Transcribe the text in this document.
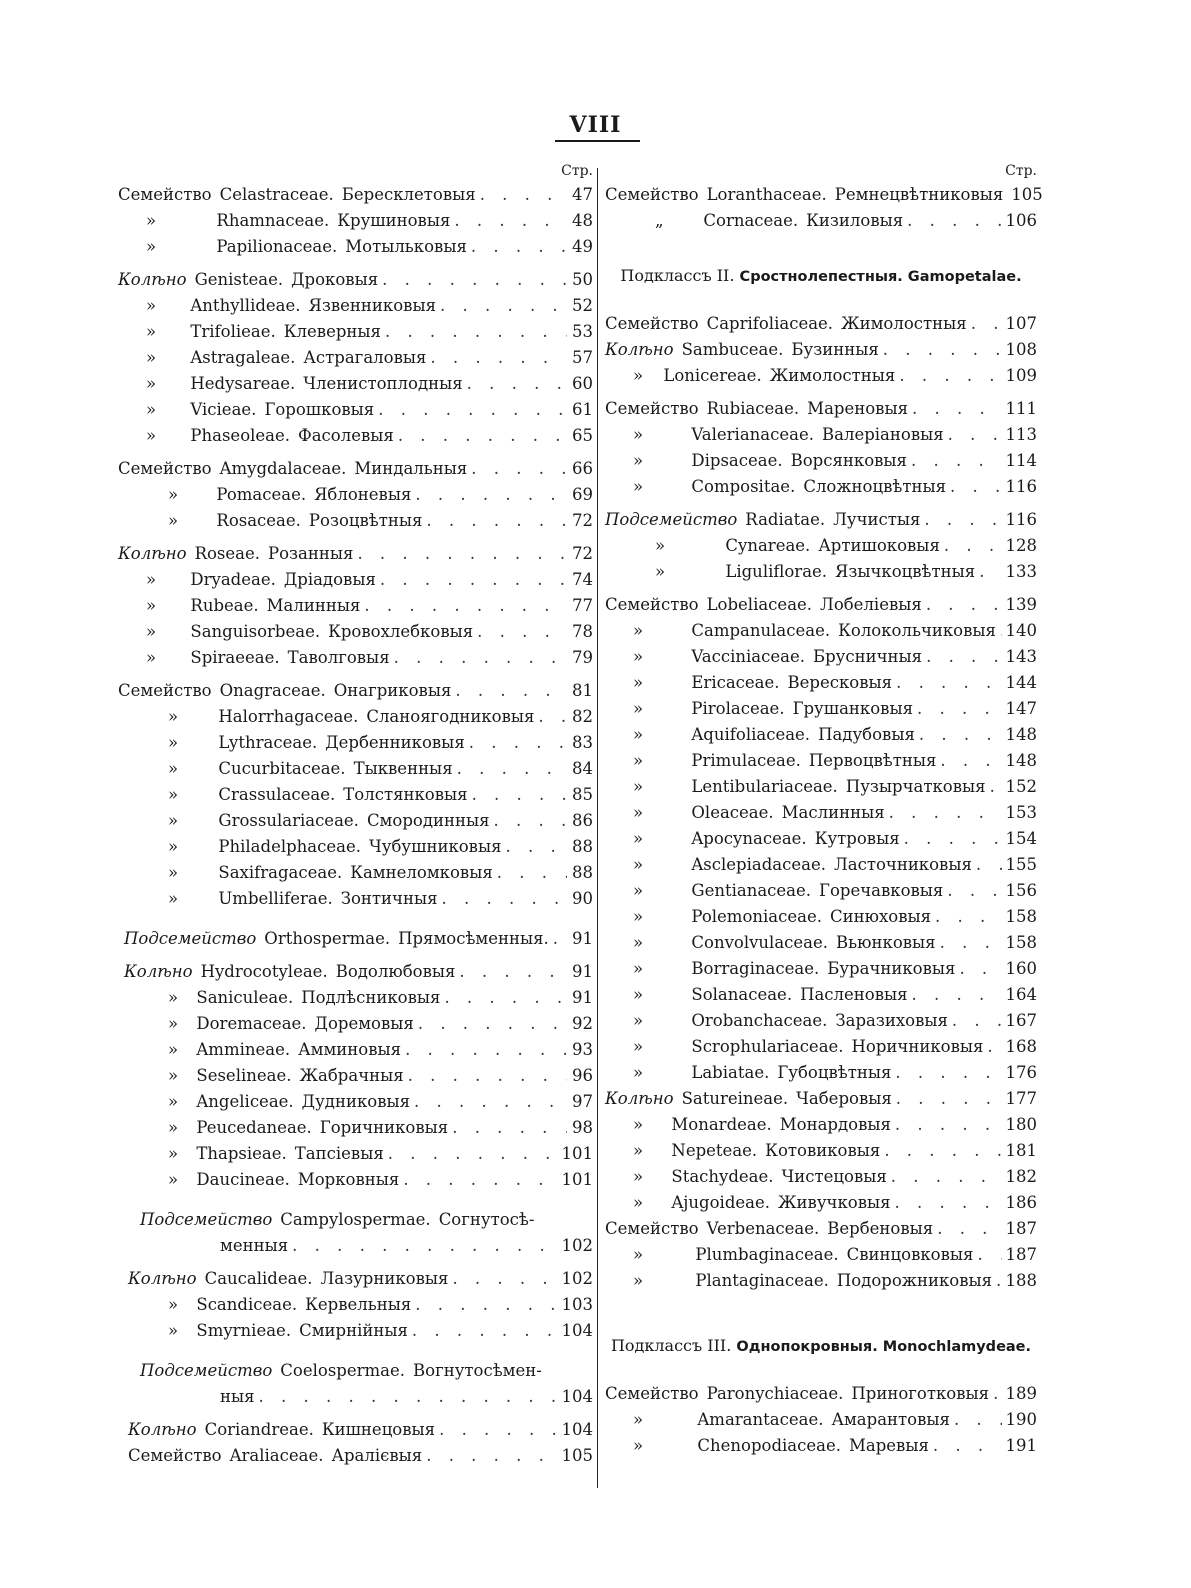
VIII
Стр.
Семейство Celastraceae. Бересклетовыя . . .	47
»	Rhamnaceae. Крушиновыя . . .	48
»	Papilionaceae. Мотыльковыя . . .	49
Колѣно Genisteae. Дроковыя . . .	50
»	Anthyllideae. Язвенниковыя . . .	52
»	Trifolieae. Клеверныя . . .	53
»	Astragaleae. Астрагаловыя . . .	57
»	Hedysareae. Членистоплодныя . . .	60
»	Vicieae. Горошковыя . . .	61
»	Phaseoleae. Фасолевыя . . .	65
Семейство Amygdalaceae. Миндальныя . . .	66
»	Pomaceae. Яблоневыя . . .	69
»	Rosaceae. Розоцвѣтныя . . .	72
Колѣно Roseae. Розанныя . . .	72
»	Dryadeae. Дріадовыя . . .	74
»	Rubeae. Малинныя . . .	77
»	Sanguisorbeae. Кровохлебковыя . . .	78
»	Spiraeeae. Таволговыя . . .	79
Семейство Onagraceae. Онагриковыя . . .	81
»	Halorrhagaceae. Сланоягодниковыя . . . 82
»	Lythraceae. Дербенниковыя . . .	83
»	Cucurbitaceae. Тыквенныя . . .	84
»	Crassulaceae. Толстянковыя . . .	85
»	Grossulariaceae. Смородинныя . . .	86
»	Philadelphaceae. Чубушниковыя . . .	88
»	Saxifragaceae. Камнеломковыя . . .	88
»	Umbelliferae. Зонтичныя . . .	90
Подсемейство Orthospermae. Прямосѣменныя. . . . 91
Колѣно Hydrocotyleae. Водолюбовыя . . .	91
»	Saniculeae. Подлѣсниковыя . . .	91
»	Doremaceae. Доремовыя . . .	92
»	Ammineae. Амминовыя . . .	93
»	Seselineae. Жабрачныя . . .	96
»	Angeliceae. Дудниковыя . . .	97
»	Peucedaneae. Горичниковыя . . .	98
»	Thapsieae. Тапсіевыя . . .	101
»	Daucineae. Морковныя . . .	101
Подсемейство Campylospermae. Согнутосѣ-
менныя . . .	102
Колѣно Caucalideae. Лазурниковыя . . .	102
»	Scandiceae. Кервельныя . . .	103
»	Smyrnieae. Смирнійныя . . .	104
Подсемейство Coelospermae. Вогнутосѣмен-
ныя . . .	104
Колѣно Coriandreae. Кишнецовыя . . .	104
Семейство Araliaceae. Аралієвыя . . .	105
Стр.
Семейство Loranthaceae. Ремнецвѣтниковыя 105
„	Cornaceae. Кизиловыя . . .	106
Подклассъ II. Сростнолепестныя. Gamopetalae.
Семейство Caprifoliaceae. Жимолостныя . . . 107
Колѣно Sambuceae. Бузинныя . . .	108
»	Lonicereae. Жимолостныя . . .	109
Семейство Rubiaceae. Мареновыя . . .	111
»	Valerianaceae. Валеріановыя . . .	113
»	Dipsaceae. Ворсянковыя . . .	114
»	Compositae. Сложноцвѣтныя . . .	116
Подсемейство Radiatae. Лучистыя . . .	116
»	Cynareae. Артишоковыя . . .	128
»	Liguliflorae. Язычкоцвѣтныя . . . 133
Семейство Lobeliaceae. Лобеліевыя . . .	139
»	Campanulaceae. Колокольчиковыя . . . 140
»	Vacciniaceae. Брусничныя . . .	143
»	Ericaceae. Вересковыя . . .	144
»	Pirolaceae. Грушанковыя . . .	147
»	Aquifoliaceae. Падубовыя . . .	148
»	Primulaceae. Первоцвѣтныя . . .	148
»	Lentibulariaceae. Пузырчатковыя . . . 152
»	Oleaceae. Маслинныя . . .	153
»	Apocynaceae. Кутровыя . . .	154
»	Asclepiadaceae. Ласточниковыя . . . 155
»	Gentianaceae. Горечавковыя . . .	156
»	Polemoniaceae. Синюховыя . . .	158
»	Convolvulaceae. Вьюнковыя . . .	158
»	Borraginaceae. Бурачниковыя . . .	160
»	Solanaceae. Пасленовыя . . .	164
»	Orobanchaceae. Заразиховыя . . .	167
»	Scrophulariaceae. Норичниковыя . . . 168
»	Labiatae. Губоцвѣтныя . . .	176
Колѣно Satureineae. Чаберовыя . . .	177
»	Monardeae. Монардовыя . . .	180
»	Nepeteae. Котовиковыя . . .	181
»	Stachydeae. Чистецовыя . . .	182
»	Ajugoideae. Живучковыя . . .	186
Семейство Verbenaceae. Вербеновыя . . .	187
»	Plumbaginaceae. Свинцовковыя . . . 187
»	Plantaginaceae. Подорожниковыя . . . 188
Подклассъ III. Однопокровныя. Monochlamydeae.
Семейство Paronychiaceae. Приноготковыя . . . 189
»	Amarantaceae. Амарантовыя . . .	190
»	Chenopodiaceae. Маревыя . . .	191
